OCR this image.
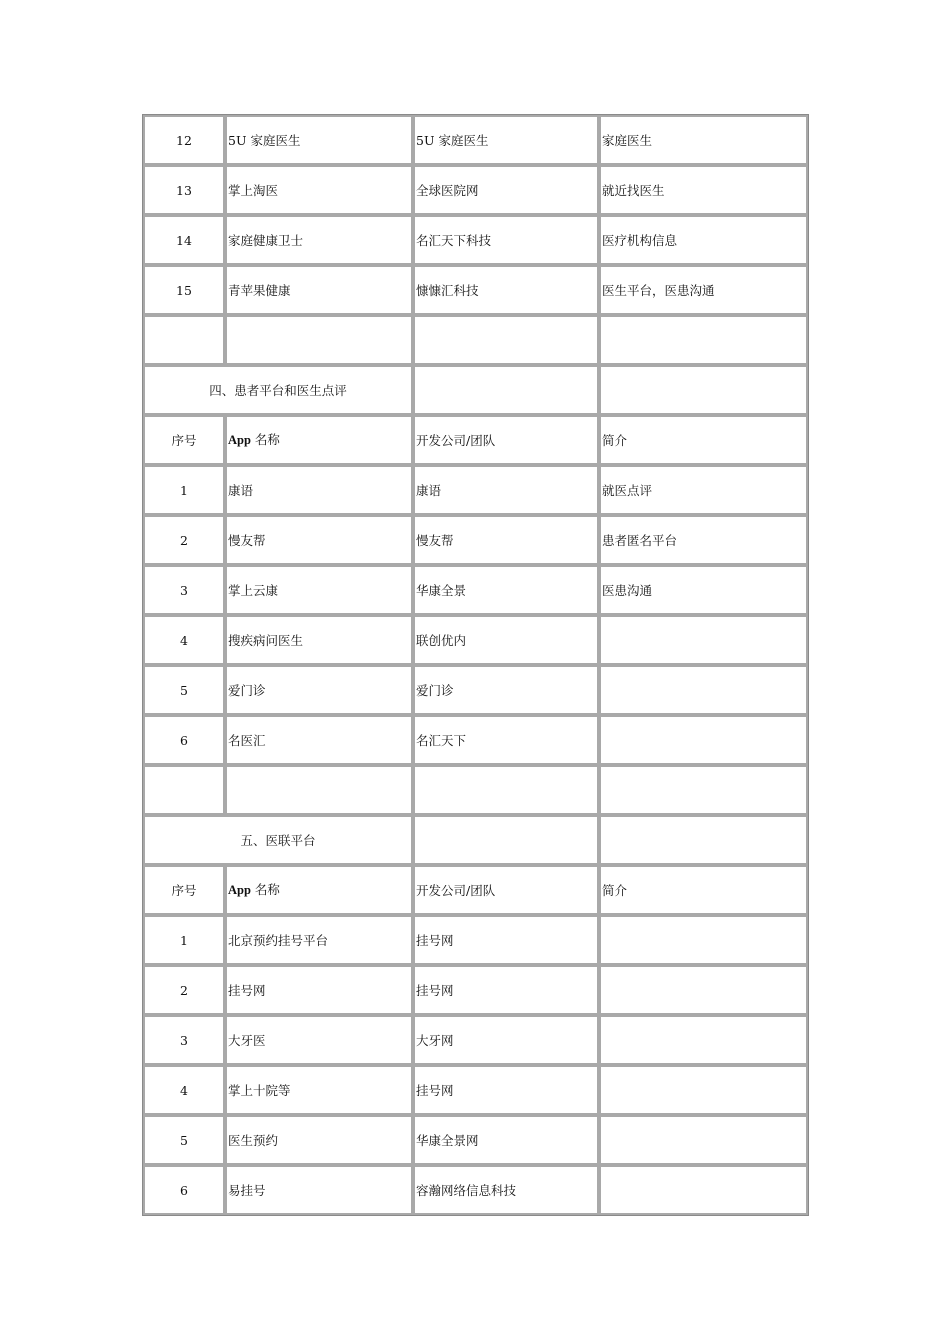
12	5U 家庭医生	5U 家庭医生	家庭医生
13	掌上淘医	全球医院网	就近找医生
14	家庭健康卫士	名汇天下科技	医疗机构信息
15	青苹果健康	慷慷汇科技	医生平台，医患沟通

四、患者平台和医生点评			
序号	App 名称	开发公司/团队	简介
1	康语	康语	就医点评
2	慢友帮	慢友帮	患者匿名平台
3	掌上云康	华康全景	医患沟通
4	搜疾病问医生	联创优内	
5	爱门诊	爱门诊	
6	名医汇	名汇天下	

五、医联平台			
序号	App 名称	开发公司/团队	简介
1	北京预约挂号平台	挂号网	
2	挂号网	挂号网	
3	大牙医	大牙网	
4	掌上十院等	挂号网	
5	医生预约	华康全景网	
6	易挂号	容瀚网络信息科技	
